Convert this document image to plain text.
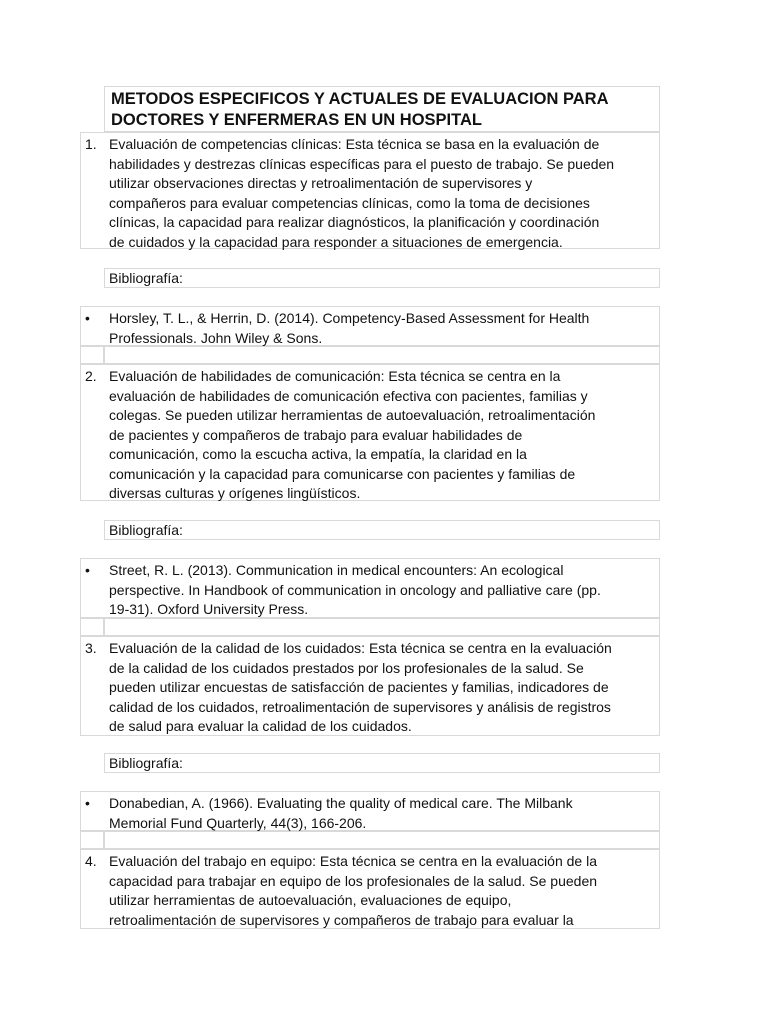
METODOS ESPECIFICOS Y ACTUALES DE EVALUACION PARA
DOCTORES Y ENFERMERAS EN UN HOSPITAL
1. Evaluación de competencias clínicas: Esta técnica se basa en la evaluación de
habilidades y destrezas clínicas específicas para el puesto de trabajo. Se pueden
utilizar observaciones directas y retroalimentación de supervisores y
compañeros para evaluar competencias clínicas, como la toma de decisiones
clínicas, la capacidad para realizar diagnósticos, la planificación y coordinación
de cuidados y la capacidad para responder a situaciones de emergencia.
Bibliografía:
• Horsley, T. L., & Herrin, D. (2014). Competency-Based Assessment for Health
Professionals. John Wiley & Sons.
2. Evaluación de habilidades de comunicación: Esta técnica se centra en la
evaluación de habilidades de comunicación efectiva con pacientes, familias y
colegas. Se pueden utilizar herramientas de autoevaluación, retroalimentación
de pacientes y compañeros de trabajo para evaluar habilidades de
comunicación, como la escucha activa, la empatía, la claridad en la
comunicación y la capacidad para comunicarse con pacientes y familias de
diversas culturas y orígenes lingüísticos.
Bibliografía:
• Street, R. L. (2013). Communication in medical encounters: An ecological
perspective. In Handbook of communication in oncology and palliative care (pp.
19-31). Oxford University Press.
3. Evaluación de la calidad de los cuidados: Esta técnica se centra en la evaluación
de la calidad de los cuidados prestados por los profesionales de la salud. Se
pueden utilizar encuestas de satisfacción de pacientes y familias, indicadores de
calidad de los cuidados, retroalimentación de supervisores y análisis de registros
de salud para evaluar la calidad de los cuidados.
Bibliografía:
• Donabedian, A. (1966). Evaluating the quality of medical care. The Milbank
Memorial Fund Quarterly, 44(3), 166-206.
4. Evaluación del trabajo en equipo: Esta técnica se centra en la evaluación de la
capacidad para trabajar en equipo de los profesionales de la salud. Se pueden
utilizar herramientas de autoevaluación, evaluaciones de equipo,
retroalimentación de supervisores y compañeros de trabajo para evaluar la
